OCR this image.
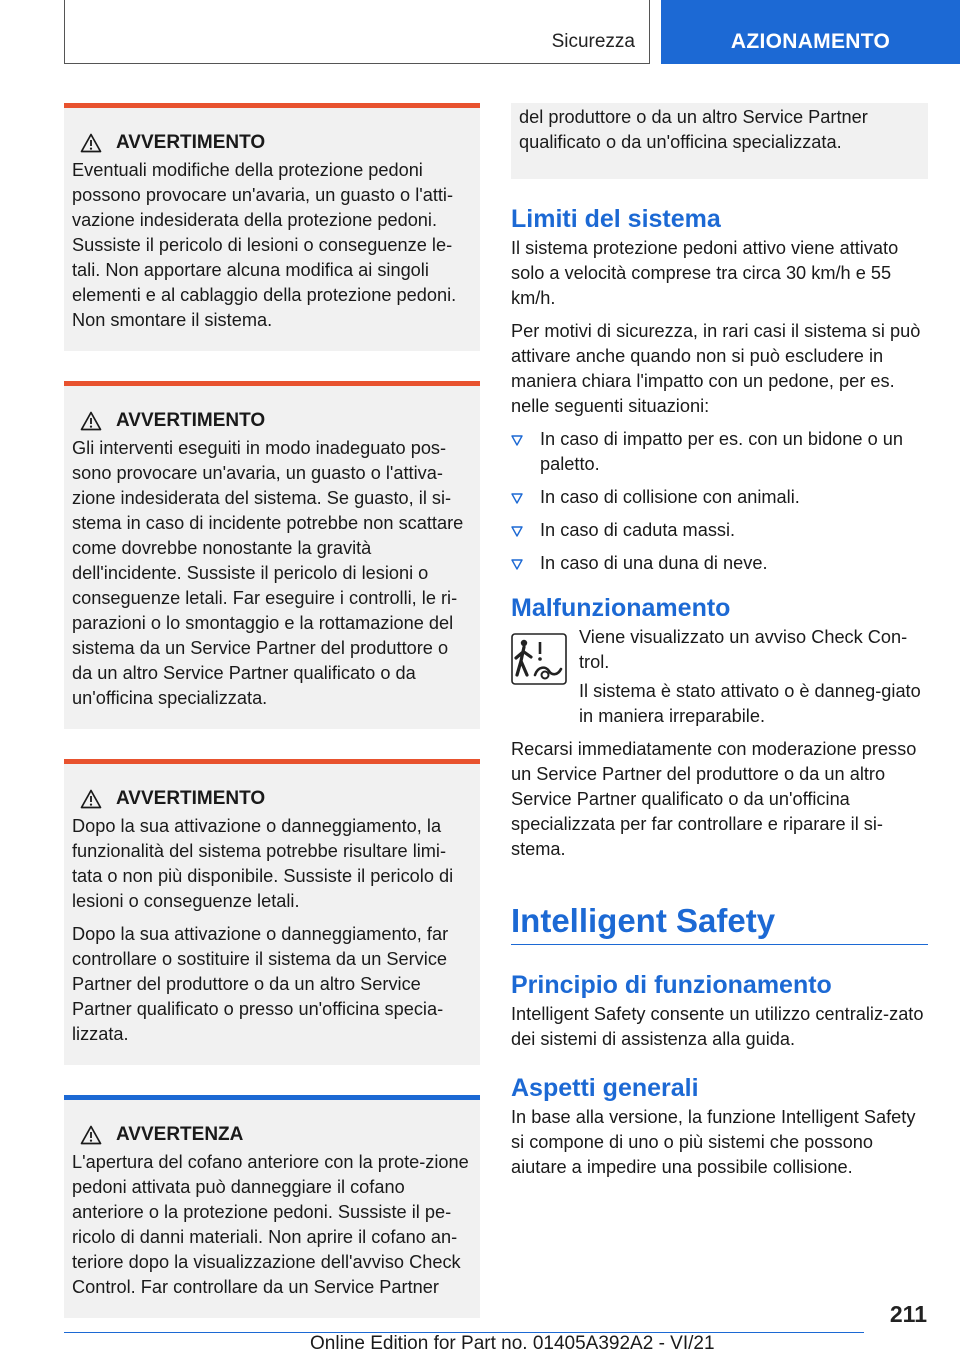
Sicurezza	AZIONAMENTO
AVVERTIMENTO

Eventuali modifiche della protezione pedoni possono provocare un'avaria, un guasto o l'atti-vazione indesiderata della protezione pedoni. Sussiste il pericolo di lesioni o conseguenze le-tali. Non apportare alcuna modifica ai singoli elementi e al cablaggio della protezione pedoni. Non smontare il sistema.

AVVERTIMENTO

Gli interventi eseguiti in modo inadeguato pos-sono provocare un'avaria, un guasto o l'attiva-zione indesiderata del sistema. Se guasto, il si-stema in caso di incidente potrebbe non scattare come dovrebbe nonostante la gravità dell'incidente. Sussiste il pericolo di lesioni o conseguenze letali. Far eseguire i controlli, le ri-parazioni o lo smontaggio e la rottamazione del sistema da un Service Partner del produttore o da un altro Service Partner qualificato o da un'officina specializzata.

AVVERTIMENTO

Dopo la sua attivazione o danneggiamento, la funzionalità del sistema potrebbe risultare limi-tata o non più disponibile. Sussiste il pericolo di lesioni o conseguenze letali.

Dopo la sua attivazione o danneggiamento, far controllare o sostituire il sistema da un Service Partner del produttore o da un altro Service Partner qualificato o presso un'officina specia-lizzata.

AVVERTENZA

L'apertura del cofano anteriore con la prote-zione pedoni attivata può danneggiare il cofano anteriore o la protezione pedoni. Sussiste il pe-ricolo di danni materiali. Non aprire il cofano an-teriore dopo la visualizzazione dell'avviso Check Control. Far controllare da un Service Partner

del produttore o da un altro Service Partner qualificato o da un'officina specializzata.

Limiti del sistema

Il sistema protezione pedoni attivo viene attivato solo a velocità comprese tra circa 30 km/h e 55 km/h.

Per motivi di sicurezza, in rari casi il sistema si può attivare anche quando non si può escludere in maniera chiara l'impatto con un pedone, per es. nelle seguenti situazioni:

In caso di impatto per es. con un bidone o un paletto.
In caso di collisione con animali.
In caso di caduta massi.
In caso di una duna di neve.
Malfunzionamento

Viene visualizzato un avviso Check Con-trol.

Il sistema è stato attivato o è danneg-giato in maniera irreparabile.

Recarsi immediatamente con moderazione presso un Service Partner del produttore o da un altro Service Partner qualificato o da un'officina specializzata per far controllare e riparare il si-stema.

Intelligent Safety
Principio di funzionamento

Intelligent Safety consente un utilizzo centraliz-zato dei sistemi di assistenza alla guida.

Aspetti generali

In base alla versione, la funzione Intelligent Safety si compone di uno o più sistemi che possono aiutare a impedire una possibile collisione.

211
Online Edition for Part no. 01405A392A2 - VI/21
